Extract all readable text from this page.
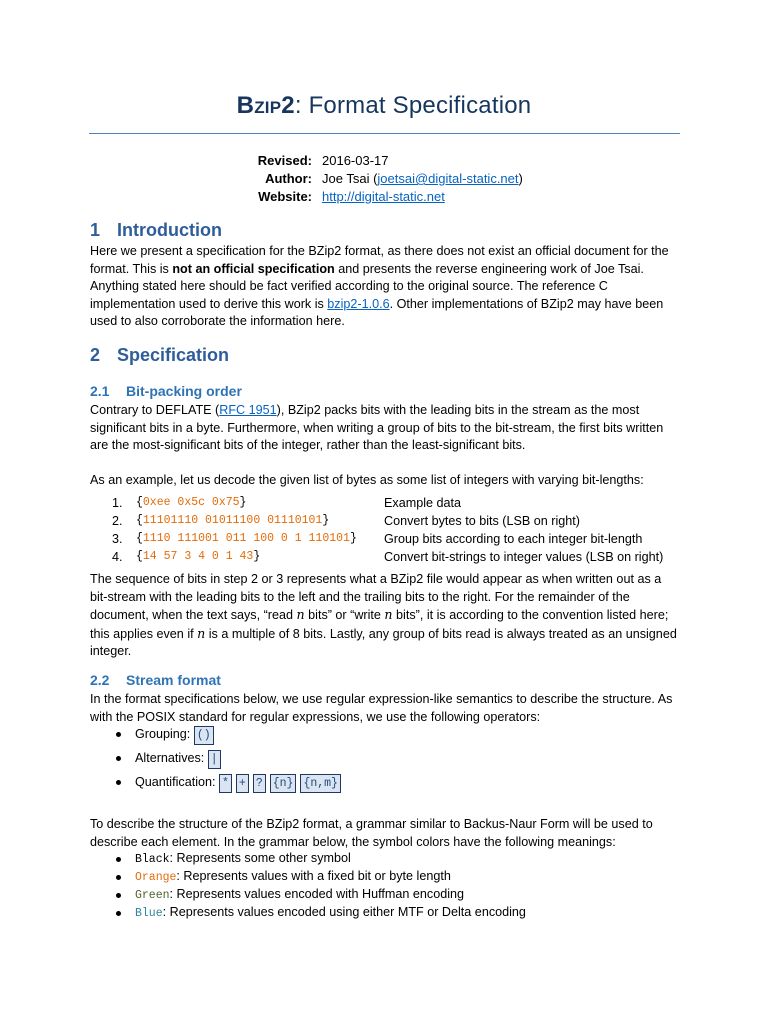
Bzip2: Format Specification
Revised: 2016-03-17
Author: Joe Tsai (joetsai@digital-static.net)
Website: http://digital-static.net
1 Introduction
Here we present a specification for the BZip2 format, as there does not exist an official document for the format. This is not an official specification and presents the reverse engineering work of Joe Tsai. Anything stated here should be fact verified according to the original source. The reference C implementation used to derive this work is bzip2-1.0.6. Other implementations of BZip2 may have been used to also corroborate the information here.
2 Specification
2.1 Bit-packing order
Contrary to DEFLATE (RFC 1951), BZip2 packs bits with the leading bits in the stream as the most significant bits in a byte. Furthermore, when writing a group of bits to the bit-stream, the first bits written are the most-significant bits of the integer, rather than the least-significant bits.
As an example, let us decode the given list of bytes as some list of integers with varying bit-lengths:
1. {0xee 0x5c 0x75}	Example data
2. {11101110 01011100 01110101}	Convert bytes to bits (LSB on right)
3. {1110 111001 011 100 0 1 110101} Group bits according to each integer bit-length
4. {14 57 3 4 0 1 43}	Convert bit-strings to integer values (LSB on right)
The sequence of bits in step 2 or 3 represents what a BZip2 file would appear as when written out as a bit-stream with the leading bits to the left and the trailing bits to the right. For the remainder of the document, when the text says, “read n bits” or “write n bits”, it is according to the convention listed here; this applies even if n is a multiple of 8 bits. Lastly, any group of bits read is always treated as an unsigned integer.
2.2 Stream format
In the format specifications below, we use regular expression-like semantics to describe the structure. As with the POSIX standard for regular expressions, we use the following operators:
Grouping: ()
Alternatives: |
Quantification: * + ? {n} {n,m}
To describe the structure of the BZip2 format, a grammar similar to Backus-Naur Form will be used to describe each element. In the grammar below, the symbol colors have the following meanings:
Black: Represents some other symbol
Orange: Represents values with a fixed bit or byte length
Green: Represents values encoded with Huffman encoding
Blue: Represents values encoded using either MTF or Delta encoding
